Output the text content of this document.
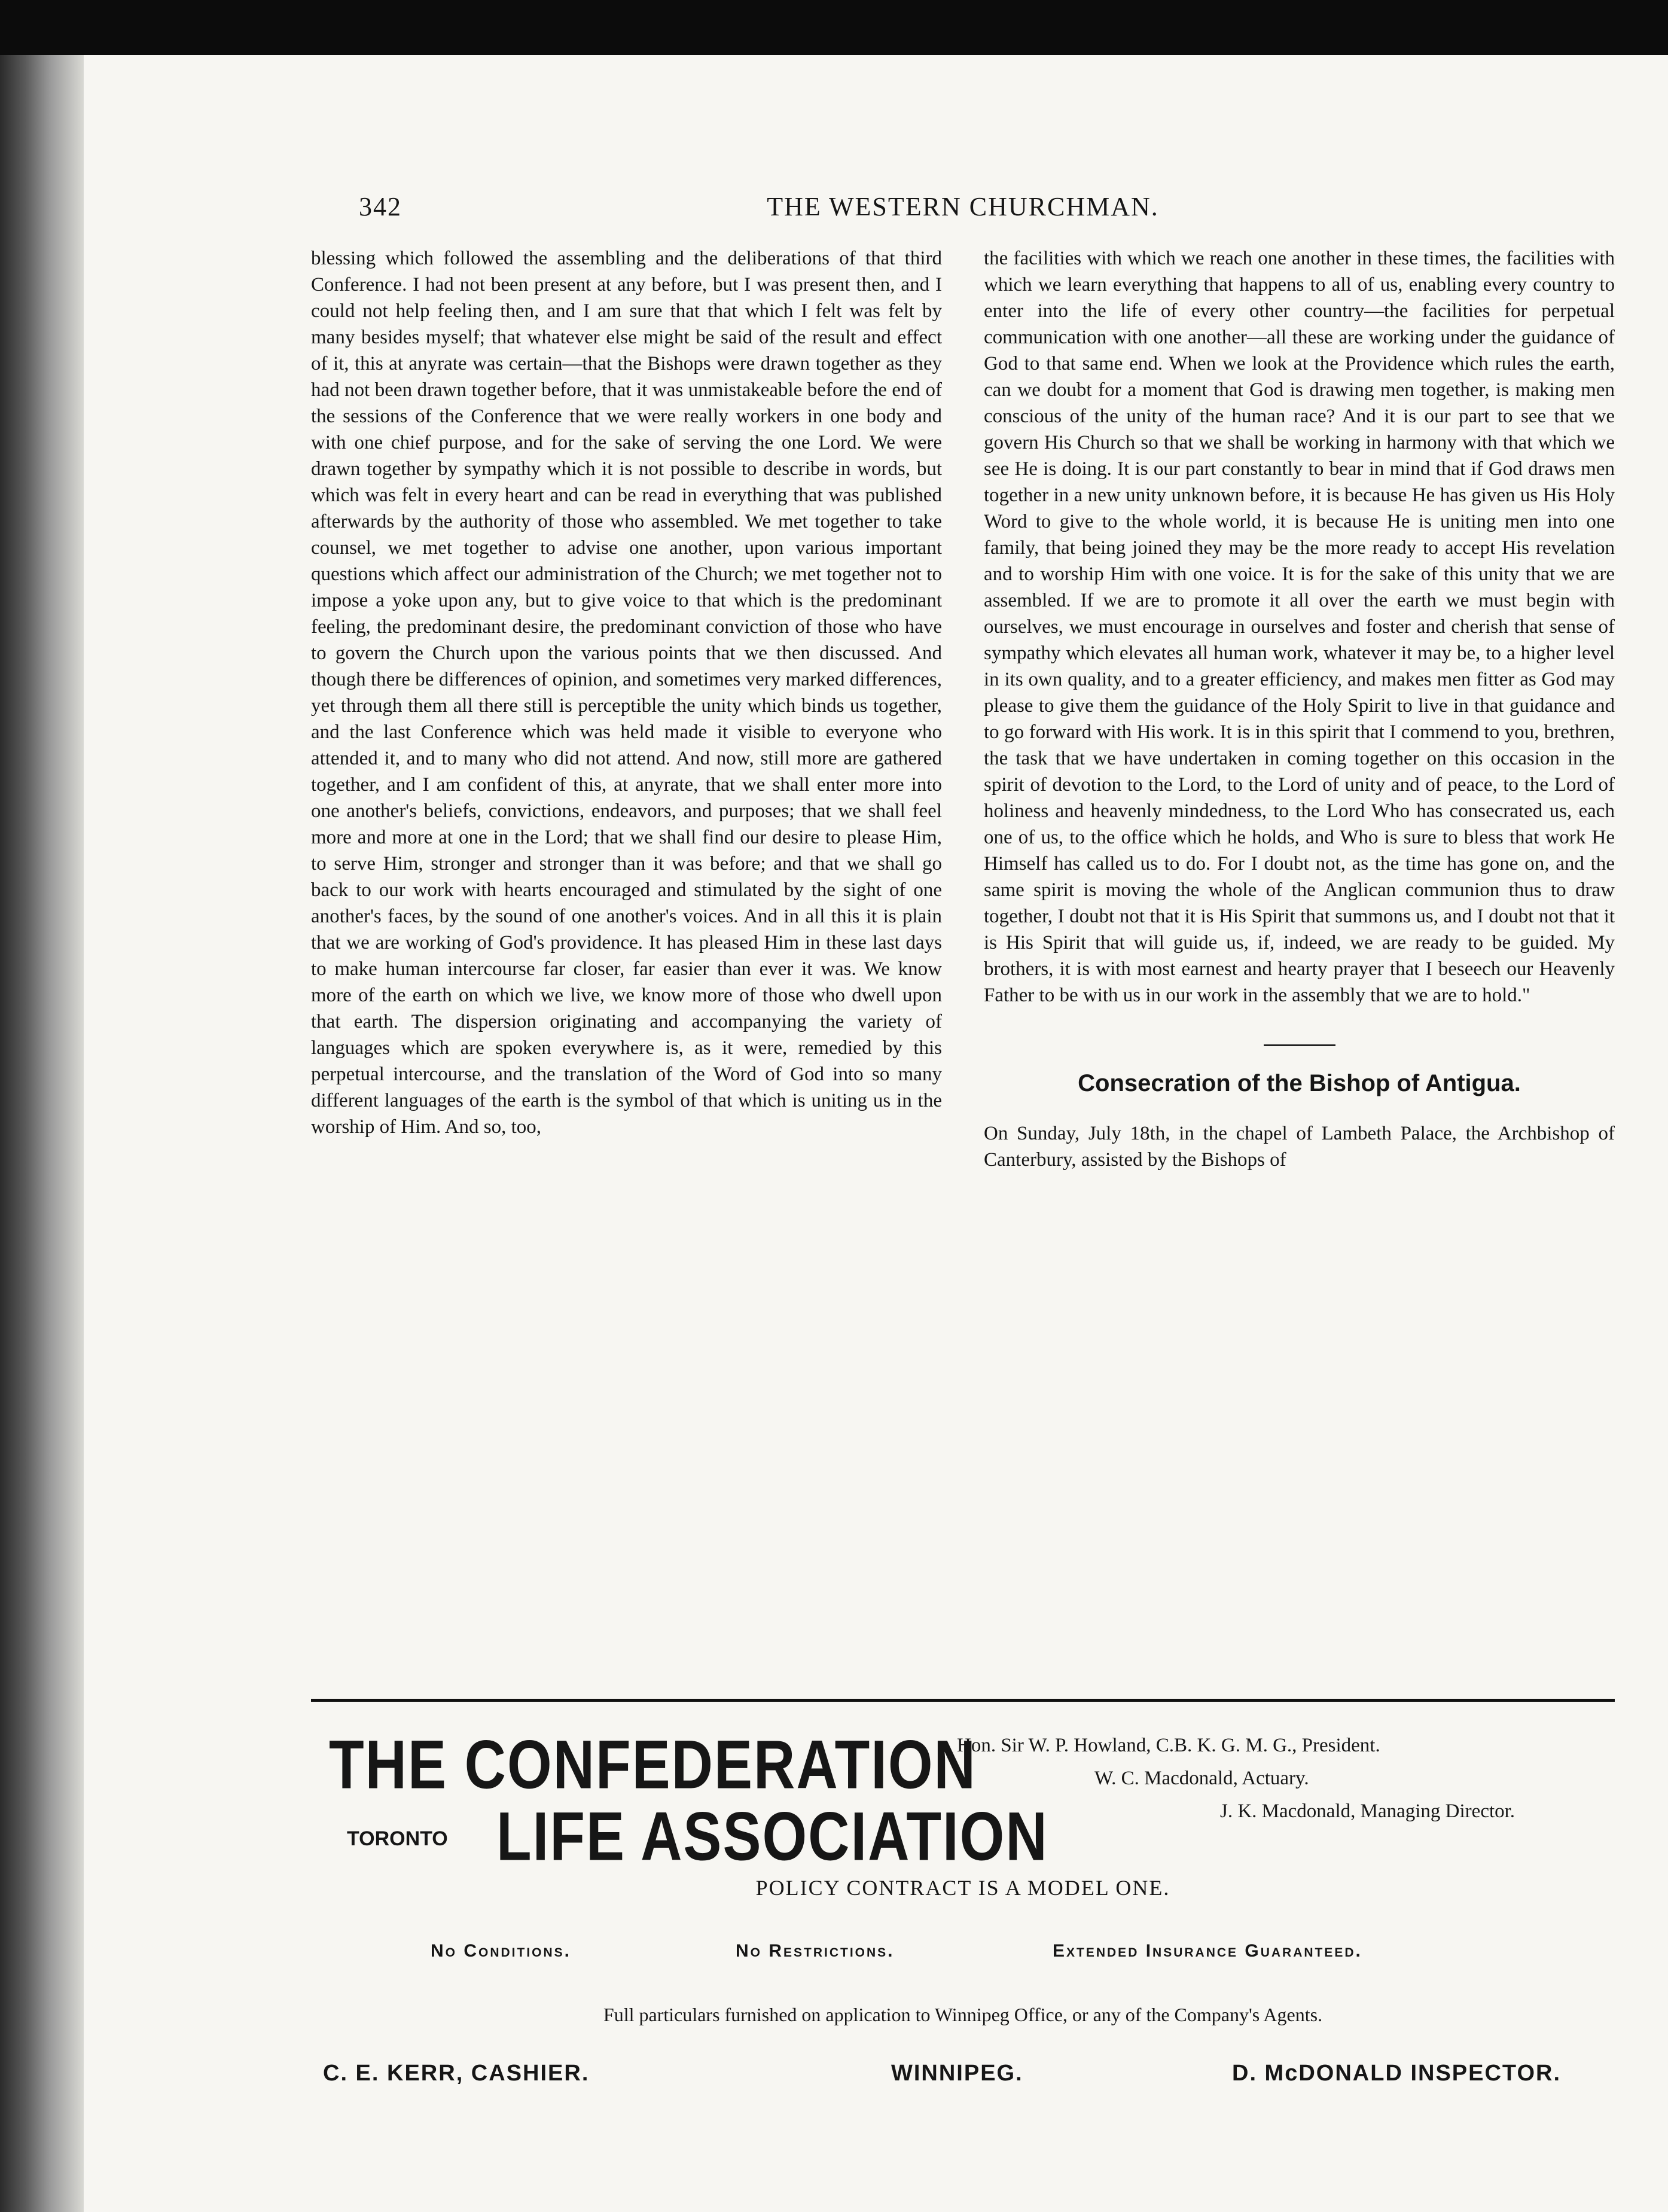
342	THE WESTERN CHURCHMAN.

blessing which followed the assembling and the deliberations of that third Conference. I had not been present at any before, but I was present then, and I could not help feeling then, and I am sure that that which I felt was felt by many besides myself; that whatever else might be said of the result and effect of it, this at anyrate was certain—that the Bishops were drawn together as they had not been drawn together before, that it was unmistakeable before the end of the sessions of the Conference that we were really workers in one body and with one chief purpose, and for the sake of serving the one Lord. We were drawn together by sympathy which it is not possible to describe in words, but which was felt in every heart and can be read in everything that was published afterwards by the authority of those who assembled. We met together to take counsel, we met together to advise one another, upon various important questions which affect our administration of the Church; we met together not to impose a yoke upon any, but to give voice to that which is the predominant feeling, the predominant desire, the predominant conviction of those who have to govern the Church upon the various points that we then discussed. And though there be differences of opinion, and sometimes very marked differences, yet through them all there still is perceptible the unity which binds us together, and the last Conference which was held made it visible to everyone who attended it, and to many who did not attend. And now, still more are gathered together, and I am confident of this, at anyrate, that we shall enter more into one another's beliefs, convictions, endeavors, and purposes; that we shall feel more and more at one in the Lord; that we shall find our desire to please Him, to serve Him, stronger and stronger than it was before; and that we shall go back to our work with hearts encouraged and stimulated by the sight of one another's faces, by the sound of one another's voices. And in all this it is plain that we are working of God's providence. It has pleased Him in these last days to make human intercourse far closer, far easier than ever it was. We know more of the earth on which we live, we know more of those who dwell upon that earth. The dispersion originating and accompanying the variety of languages which are spoken everywhere is, as it were, remedied by this perpetual intercourse, and the translation of the Word of God into so many different languages of the earth is the symbol of that which is uniting us in the worship of Him. And so, too,

the facilities with which we reach one another in these times, the facilities with which we learn everything that happens to all of us, enabling every country to enter into the life of every other country—the facilities for perpetual communication with one another—all these are working under the guidance of God to that same end. When we look at the Providence which rules the earth, can we doubt for a moment that God is drawing men together, is making men conscious of the unity of the human race? And it is our part to see that we govern His Church so that we shall be working in harmony with that which we see He is doing. It is our part constantly to bear in mind that if God draws men together in a new unity unknown before, it is because He has given us His Holy Word to give to the whole world, it is because He is uniting men into one family, that being joined they may be the more ready to accept His revelation and to worship Him with one voice. It is for the sake of this unity that we are assembled. If we are to promote it all over the earth we must begin with ourselves, we must encourage in ourselves and foster and cherish that sense of sympathy which elevates all human work, whatever it may be, to a higher level in its own quality, and to a greater efficiency, and makes men fitter as God may please to give them the guidance of the Holy Spirit to live in that guidance and to go forward with His work. It is in this spirit that I commend to you, brethren, the task that we have undertaken in coming together on this occasion in the spirit of devotion to the Lord, to the Lord of unity and of peace, to the Lord of holiness and heavenly mindedness, to the Lord Who has consecrated us, each one of us, to the office which he holds, and Who is sure to bless that work He Himself has called us to do. For I doubt not, as the time has gone on, and the same spirit is moving the whole of the Anglican communion thus to draw together, I doubt not that it is His Spirit that summons us, and I doubt not that it is His Spirit that will guide us, if, indeed, we are ready to be guided. My brothers, it is with most earnest and hearty prayer that I beseech our Heavenly Father to be with us in our work in the assembly that we are to hold."

Consecration of the Bishop of Antigua.

On Sunday, July 18th, in the chapel of Lambeth Palace, the Archbishop of Canterbury, assisted by the Bishops of

THE CONFEDERATION
TORONTO LIFE ASSOCIATION
Hon. Sir W. P. Howland, C.B. K. G. M. G., President.
W. C. Macdonald, Actuary.
J. K. Macdonald, Managing Director.
POLICY CONTRACT IS A MODEL ONE.
No Conditions.	No Restrictions.	Extended Insurance Guaranteed.
Full particulars furnished on application to Winnipeg Office, or any of the Company's Agents.
C. E. KERR, CASHIER.	WINNIPEG.	D. McDONALD INSPECTOR.
